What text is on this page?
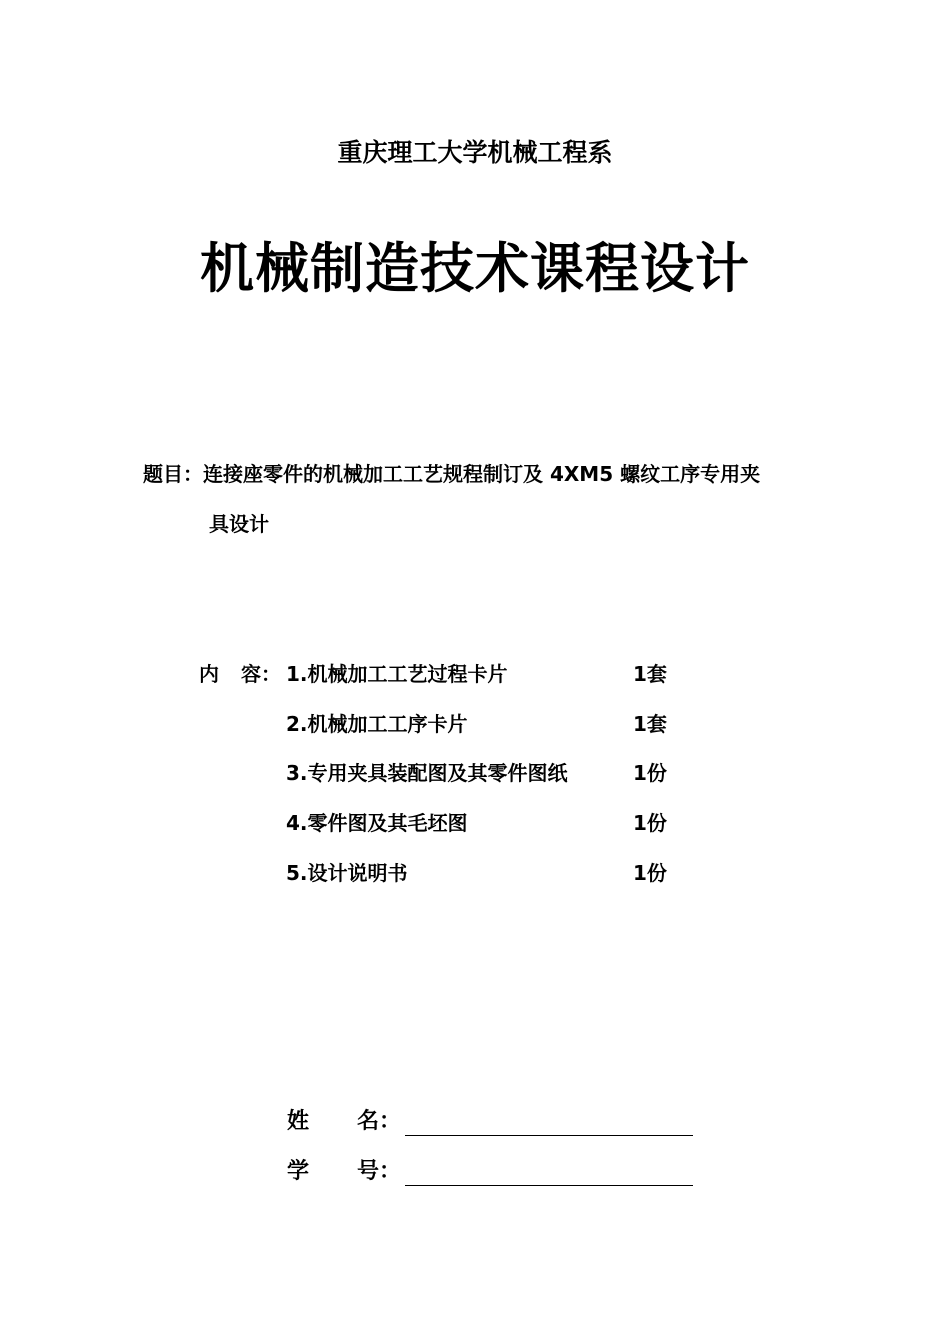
重庆理工大学机械工程系
机械制造技术课程设计
题目：连接座零件的机械加工工艺规程制订及 4XM5 螺纹工序专用夹
具设计
内 容： 1.机械加工工艺过程卡片	1套
2.机械加工工序卡片	1套
3.专用夹具装配图及其零件图纸	1份
4.零件图及其毛坯图	1份
5.设计说明书	1份
姓 名：
学 号：
